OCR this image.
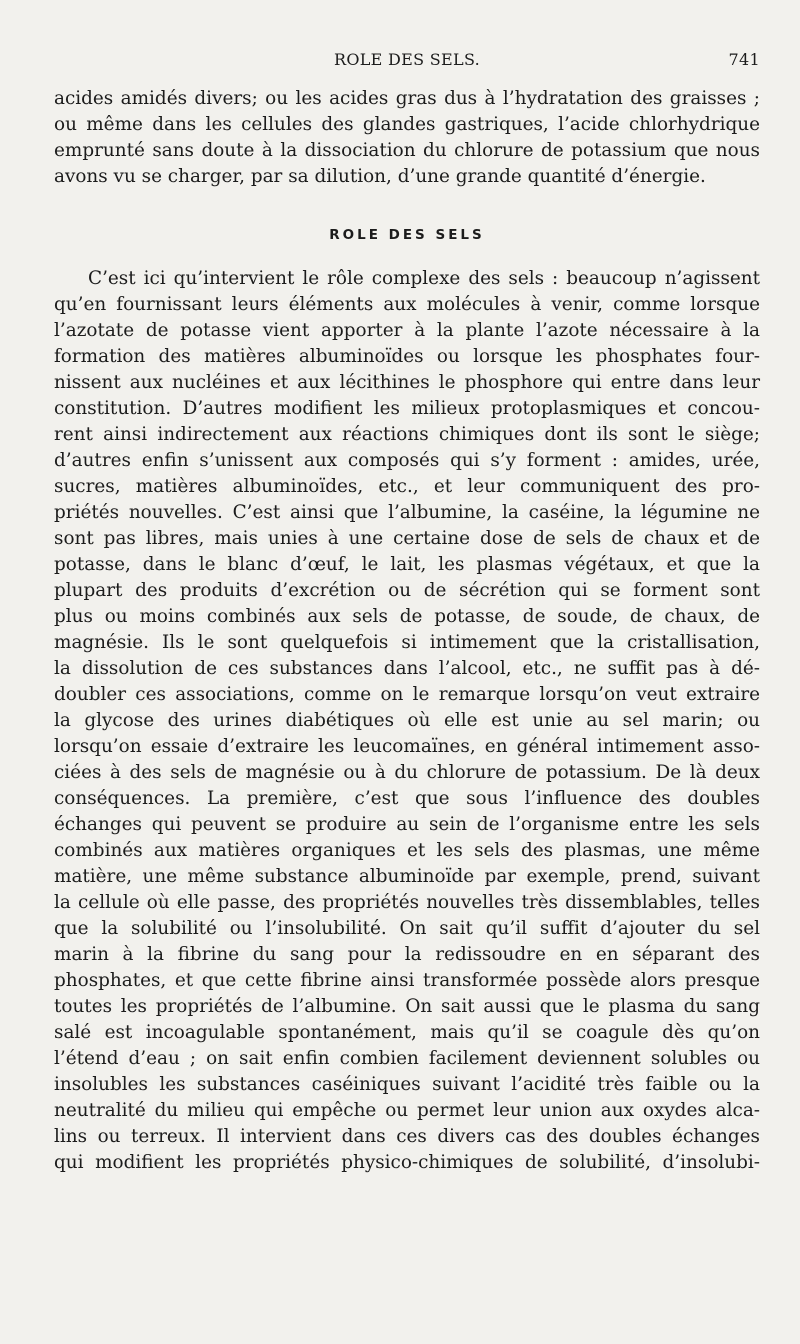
ROLE DES SELS.	741
acides amidés divers; ou les acides gras dus à l’hydratation des graisses ;
ou même dans les cellules des glandes gastriques, l’acide chlorhydrique
emprunté sans doute à la dissociation du chlorure de potassium que nous
avons vu se charger, par sa dilution, d’une grande quantité d’énergie.
ROLE DES SELS
C’est ici qu’intervient le rôle complexe des sels : beaucoup n’agissent
qu’en fournissant leurs éléments aux molécules à venir, comme lorsque
l’azotate de potasse vient apporter à la plante l’azote nécessaire à la
formation des matières albuminoïdes ou lorsque les phosphates four-
nissent aux nucléines et aux lécithines le phosphore qui entre dans leur
constitution. D’autres modifient les milieux protoplasmiques et concou-
rent ainsi indirectement aux réactions chimiques dont ils sont le siège;
d’autres enfin s’unissent aux composés qui s’y forment : amides, urée,
sucres, matières albuminoïdes, etc., et leur communiquent des pro-
priétés nouvelles. C’est ainsi que l’albumine, la caséine, la légumine ne
sont pas libres, mais unies à une certaine dose de sels de chaux et de
potasse, dans le blanc d’œuf, le lait, les plasmas végétaux, et que la
plupart des produits d’excrétion ou de sécrétion qui se forment sont
plus ou moins combinés aux sels de potasse, de soude, de chaux, de
magnésie. Ils le sont quelquefois si intimement que la cristallisation,
la dissolution de ces substances dans l’alcool, etc., ne suffit pas à dé-
doubler ces associations, comme on le remarque lorsqu’on veut extraire
la glycose des urines diabétiques où elle est unie au sel marin; ou
lorsqu’on essaie d’extraire les leucomaïnes, en général intimement asso-
ciées à des sels de magnésie ou à du chlorure de potassium. De là deux
conséquences. La première, c’est que sous l’influence des doubles
échanges qui peuvent se produire au sein de l’organisme entre les sels
combinés aux matières organiques et les sels des plasmas, une même
matière, une même substance albuminoïde par exemple, prend, suivant
la cellule où elle passe, des propriétés nouvelles très dissemblables, telles
que la solubilité ou l’insolubilité. On sait qu’il suffit d’ajouter du sel
marin à la fibrine du sang pour la redissoudre en en séparant des
phosphates, et que cette fibrine ainsi transformée possède alors presque
toutes les propriétés de l’albumine. On sait aussi que le plasma du sang
salé est incoagulable spontanément, mais qu’il se coagule dès qu’on
l’étend d’eau ; on sait enfin combien facilement deviennent solubles ou
insolubles les substances caséiniques suivant l’acidité très faible ou la
neutralité du milieu qui empêche ou permet leur union aux oxydes alca-
lins ou terreux. Il intervient dans ces divers cas des doubles échanges
qui modifient les propriétés physico-chimiques de solubilité, d’insolubi-
